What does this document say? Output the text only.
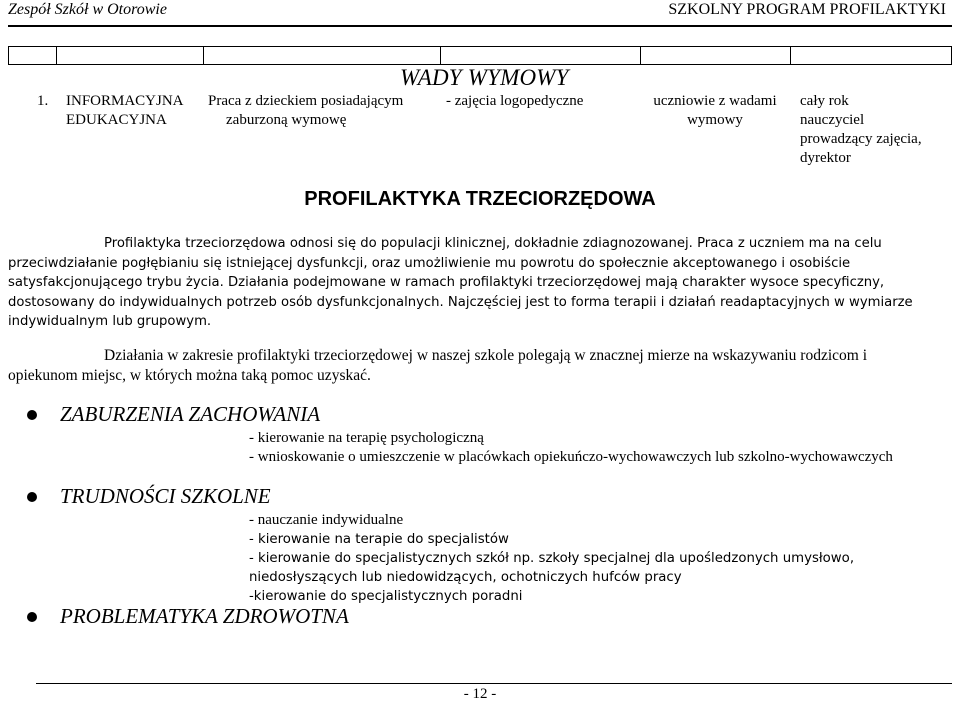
Zespół Szkół w Otorowie	SZKOLNY PROGRAM PROFILAKTYKI
WADY WYMOWY
1. INFORMACYJNA
EDUKACYJNA
Praca z dzieckiem posiadającym
zaburzoną wymowę
- zajęcia logopedyczne	uczniowie z wadami
wymowy
cały rok
nauczyciel
prowadzący zajęcia,
dyrektor
PROFILAKTYKA TRZECIORZĘDOWA
Profilaktyka trzeciorzędowa odnosi się do populacji klinicznej, dokładnie zdiagnozowanej. Praca z uczniem ma na celu
przeciwdziałanie pogłębianiu się istniejącej dysfunkcji, oraz umożliwienie mu powrotu do społecznie akceptowanego i osobiście
satysfakcjonującego trybu życia. Działania podejmowane w ramach profilaktyki trzeciorzędowej mają charakter wysoce specyficzny,
dostosowany do indywidualnych potrzeb osób dysfunkcjonalnych. Najczęściej jest to forma terapii i działań readaptacyjnych w wymiarze
indywidualnym lub grupowym.
Działania w zakresie profilaktyki trzeciorzędowej w naszej szkole polegają w znacznej mierze na wskazywaniu rodzicom i
opiekunom miejsc, w których można taką pomoc uzyskać.
ZABURZENIA ZACHOWANIA
- kierowanie na terapię psychologiczną
- wnioskowanie o umieszczenie w placówkach opiekuńczo-wychowawczych lub szkolno-wychowawczych
TRUDNOŚCI SZKOLNE
- nauczanie indywidualne
- kierowanie na terapie do specjalistów
- kierowanie do specjalistycznych szkół np. szkoły specjalnej dla upośledzonych umysłowo,
niedosłyszących lub niedowidzących, ochotniczych hufców pracy
-kierowanie do specjalistycznych poradni
PROBLEMATYKA ZDROWOTNA
- 12 -
